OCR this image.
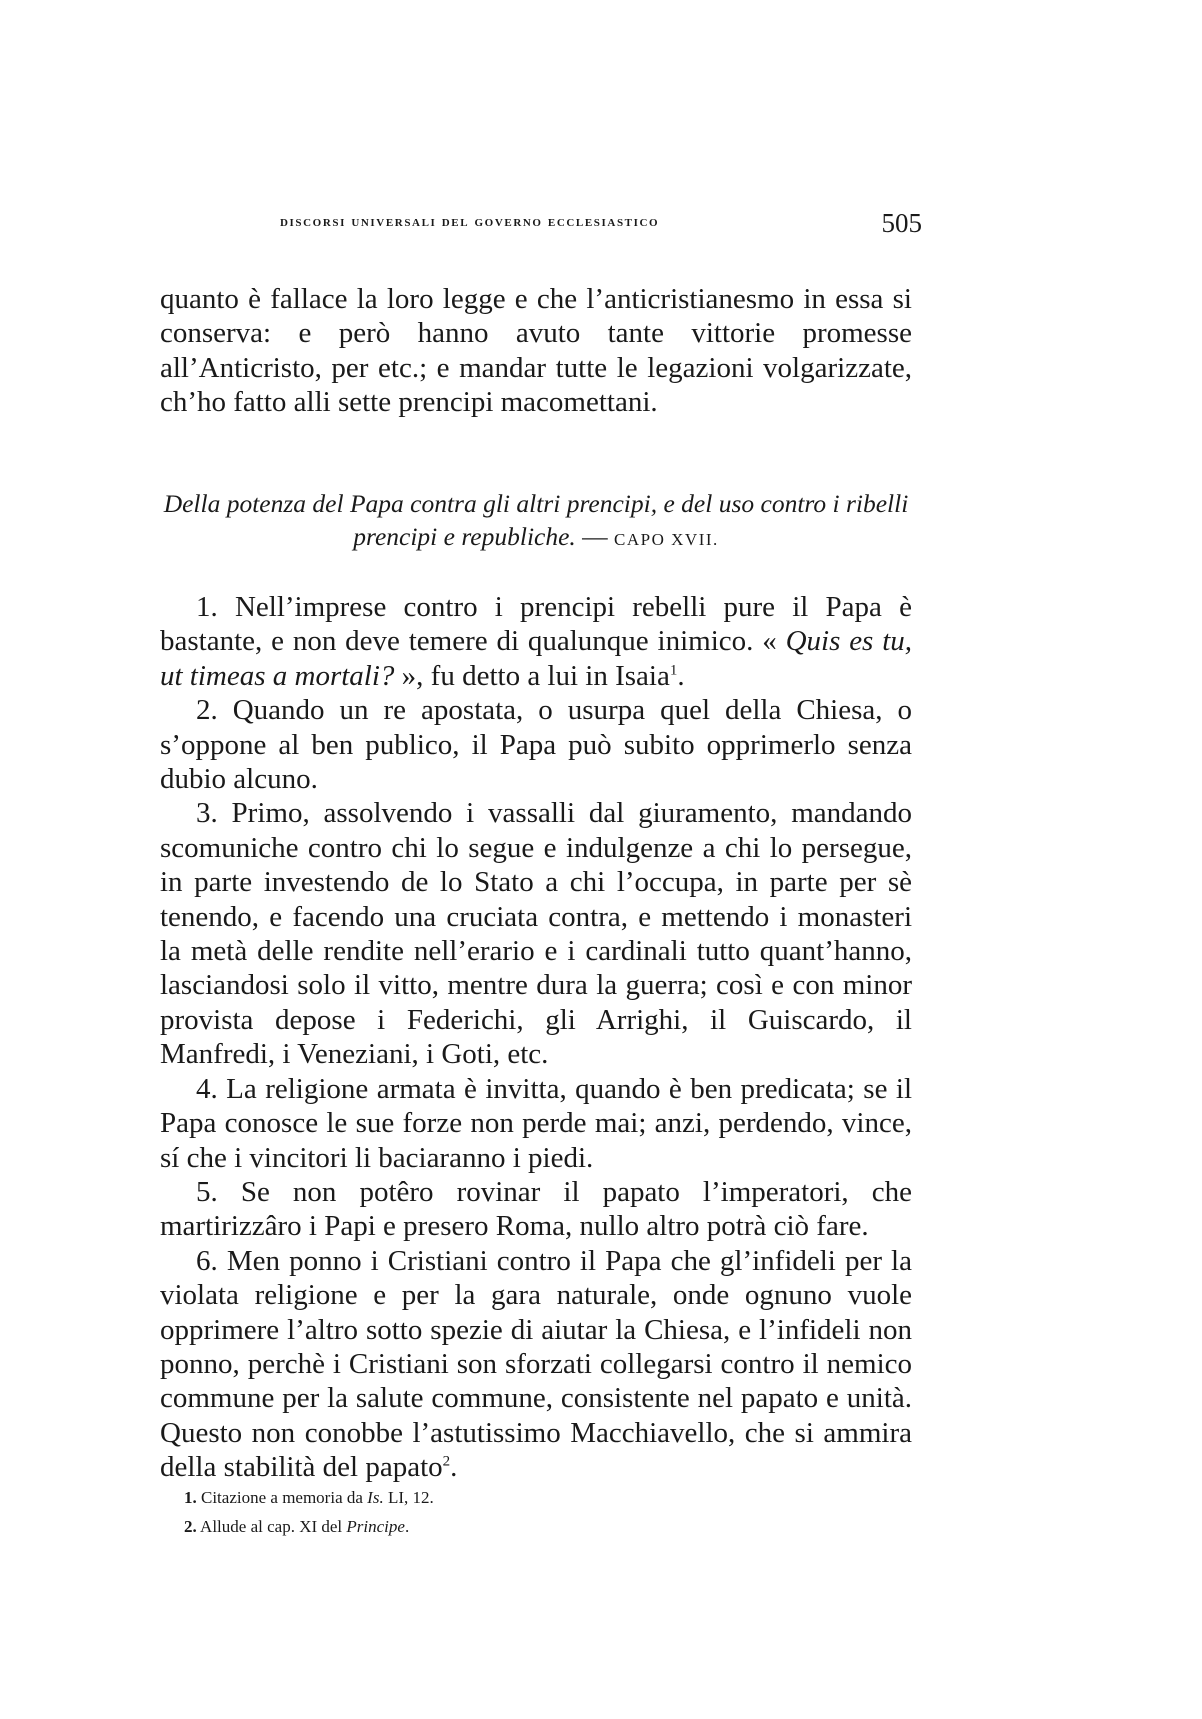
discorsi universali del governo ecclesiastico	505

quanto è fallace la loro legge e che l’anticristianesmo in essa si conserva: e però hanno avuto tante vittorie promesse all’Anticristo, per etc.; e mandar tutte le legazioni volgarizzate, ch’ho fatto alli sette prencipi macomettani.

Della potenza del Papa contra gli altri prencipi, e del uso contro i ribelli prencipi e republiche. — CAPO XVII.

1. Nell’imprese contro i prencipi rebelli pure il Papa è bastante, e non deve temere di qualunque inimico. « Quis es tu, ut timeas a mortali? », fu detto a lui in Isaia$^1$.

2. Quando un re apostata, o usurpa quel della Chiesa, o s’oppone al ben publico, il Papa può subito opprimerlo senza dubio alcuno.

3. Primo, assolvendo i vassalli dal giuramento, mandando scomuniche contro chi lo segue e indulgenze a chi lo persegue, in parte investendo de lo Stato a chi l’occupa, in parte per sè tenendo, e facendo una cruciata contra, e mettendo i monasteri la metà delle rendite nell’erario e i cardinali tutto quant’hanno, lasciandosi solo il vitto, mentre dura la guerra; così e con minor provista depose i Federichi, gli Arrighi, il Guiscardo, il Manfredi, i Veneziani, i Goti, etc.

4. La religione armata è invitta, quando è ben predicata; se il Papa conosce le sue forze non perde mai; anzi, perdendo, vince, sí che i vincitori li baciaranno i piedi.

5. Se non potêro rovinar il papato l’imperatori, che martirizzâro i Papi e presero Roma, nullo altro potrà ciò fare.

6. Men ponno i Cristiani contro il Papa che gl’infideli per la violata religione e per la gara naturale, onde ognuno vuole opprimere l’altro sotto spezie di aiutar la Chiesa, e l’infideli non ponno, perchè i Cristiani son sforzati collegarsi contro il nemico commune per la salute commune, consistente nel papato e unità. Questo non conobbe l’astutissimo Macchiavello, che si ammira della stabilità del papato$^2$.

1. Citazione a memoria da Is. LI, 12.
2. Allude al cap. XI del Principe.
